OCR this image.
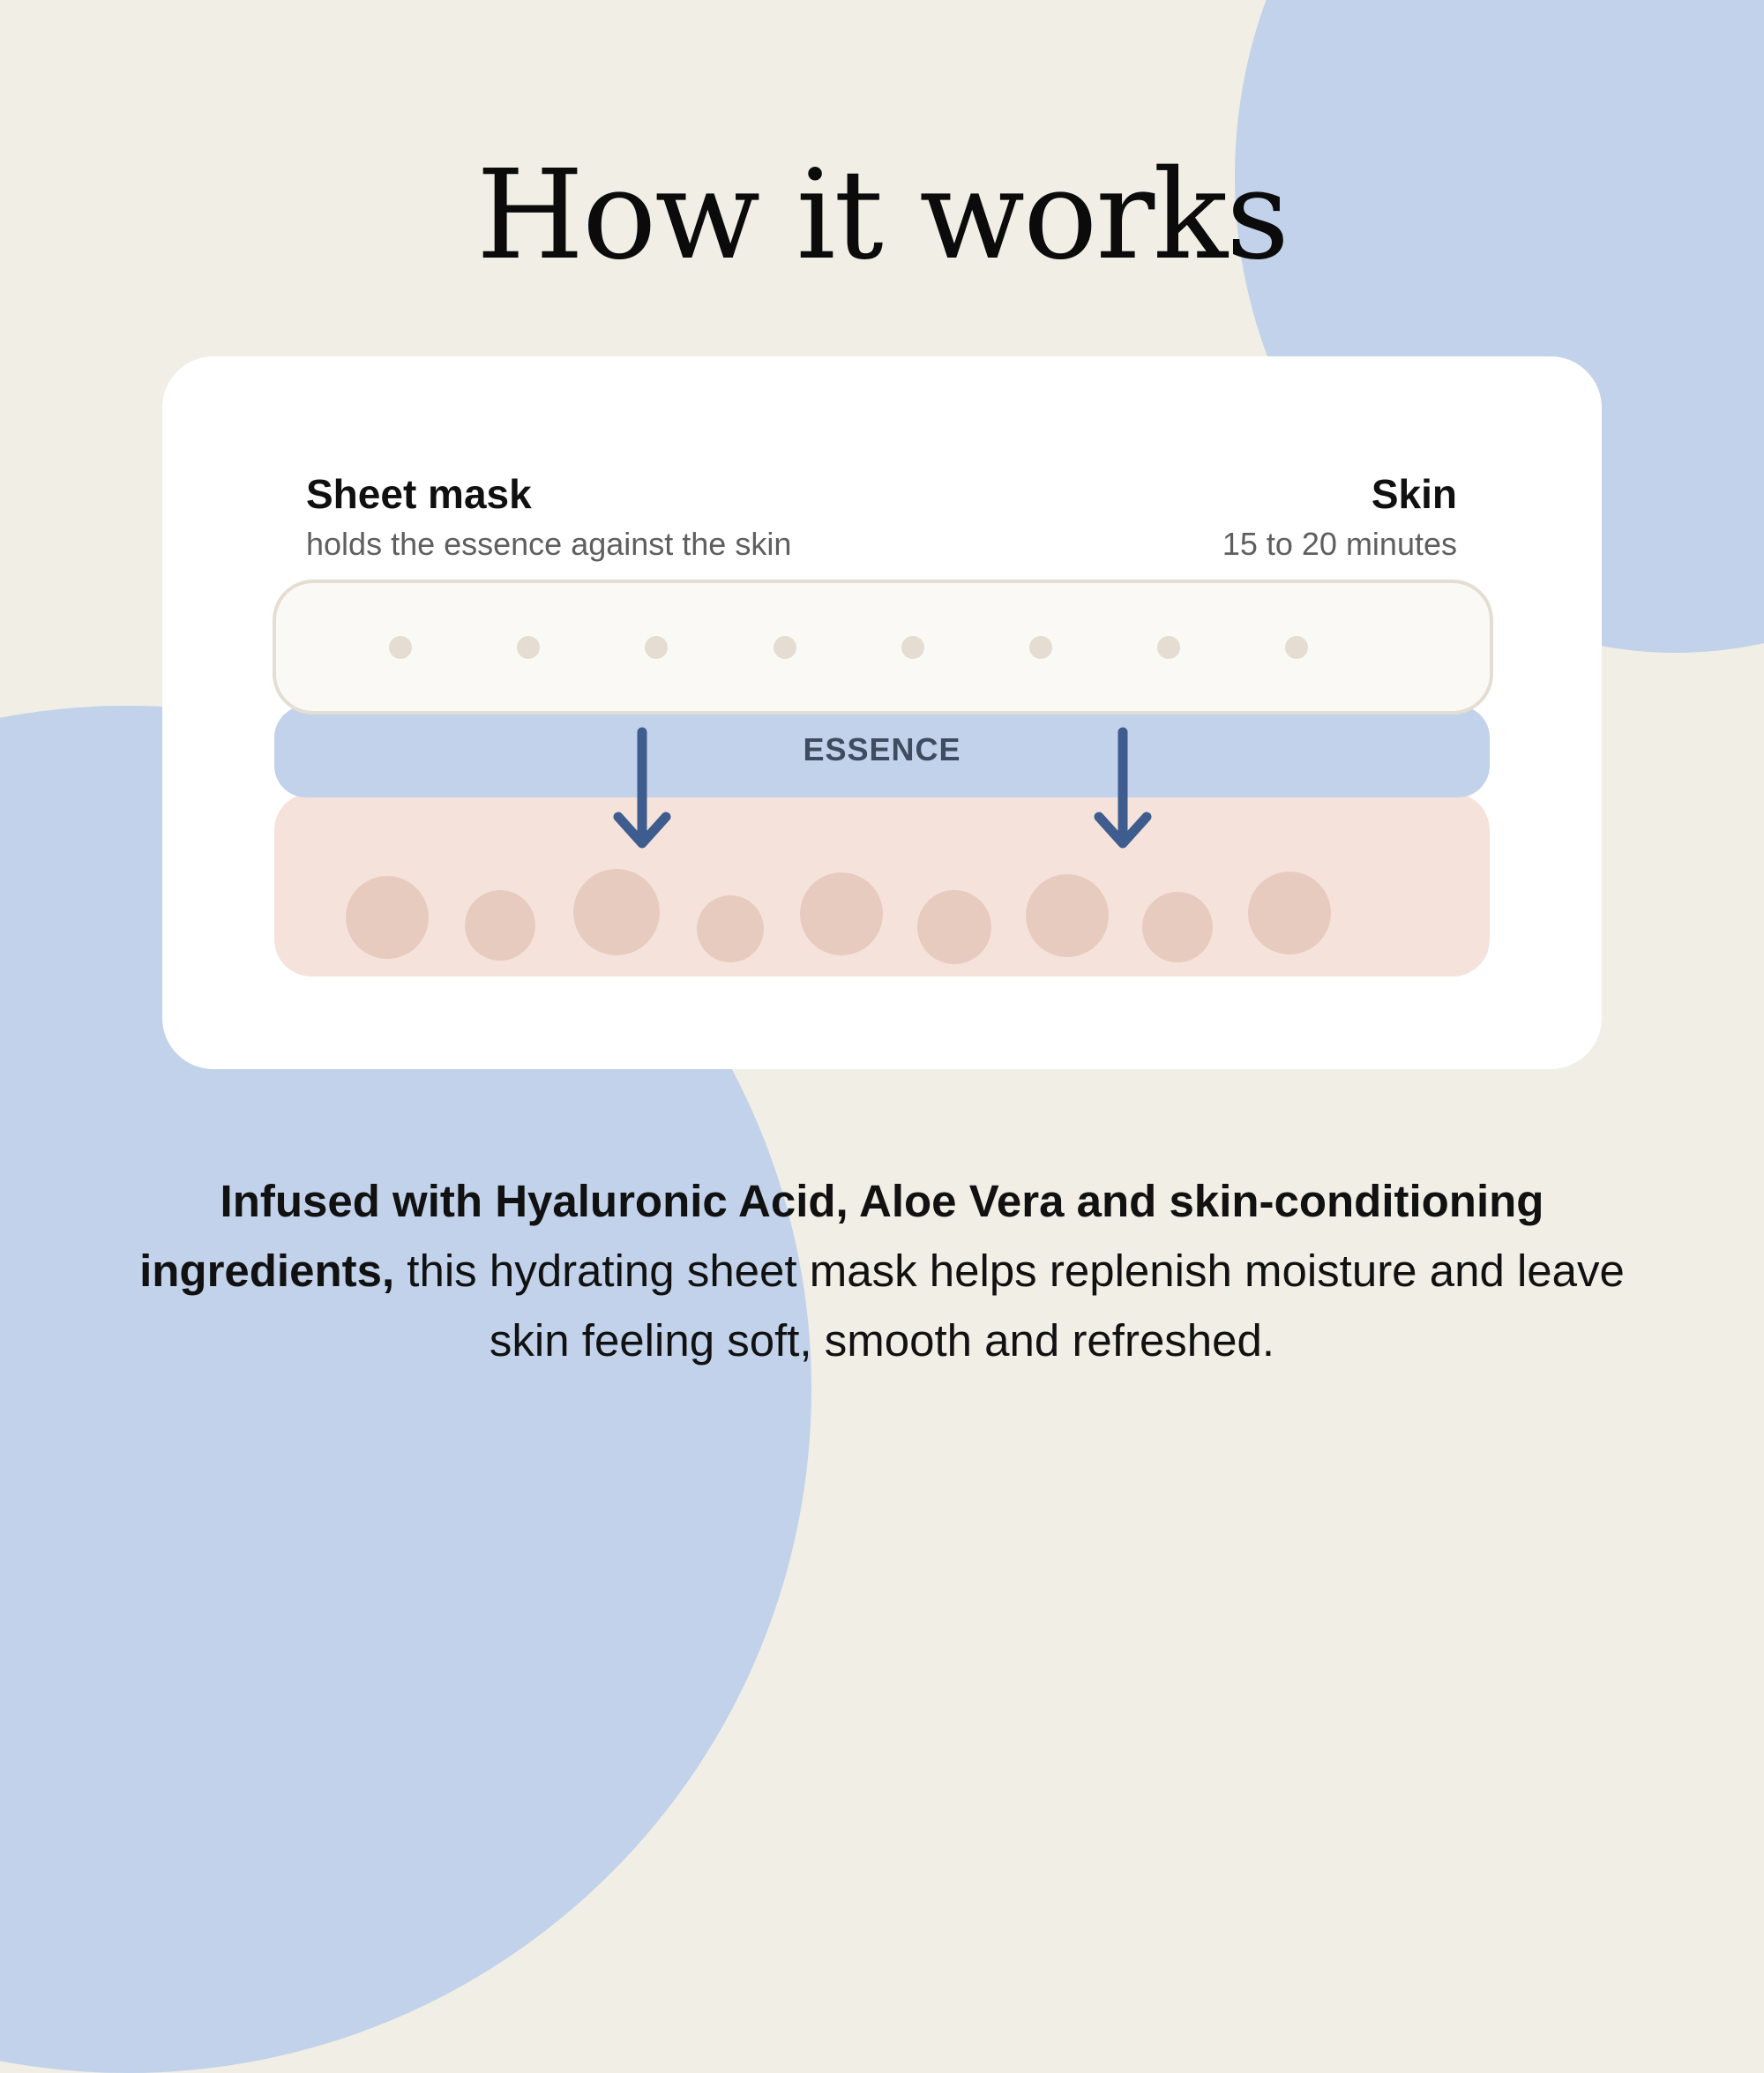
How it works
Sheet mask
holds the essence against the skin
Skin
15 to 20 minutes
ESSENCE

Infused with Hyaluronic Acid, Aloe Vera and skin-conditioning ingredients, this hydrating sheet mask helps replenish moisture and leave skin feeling soft, smooth and refreshed.
